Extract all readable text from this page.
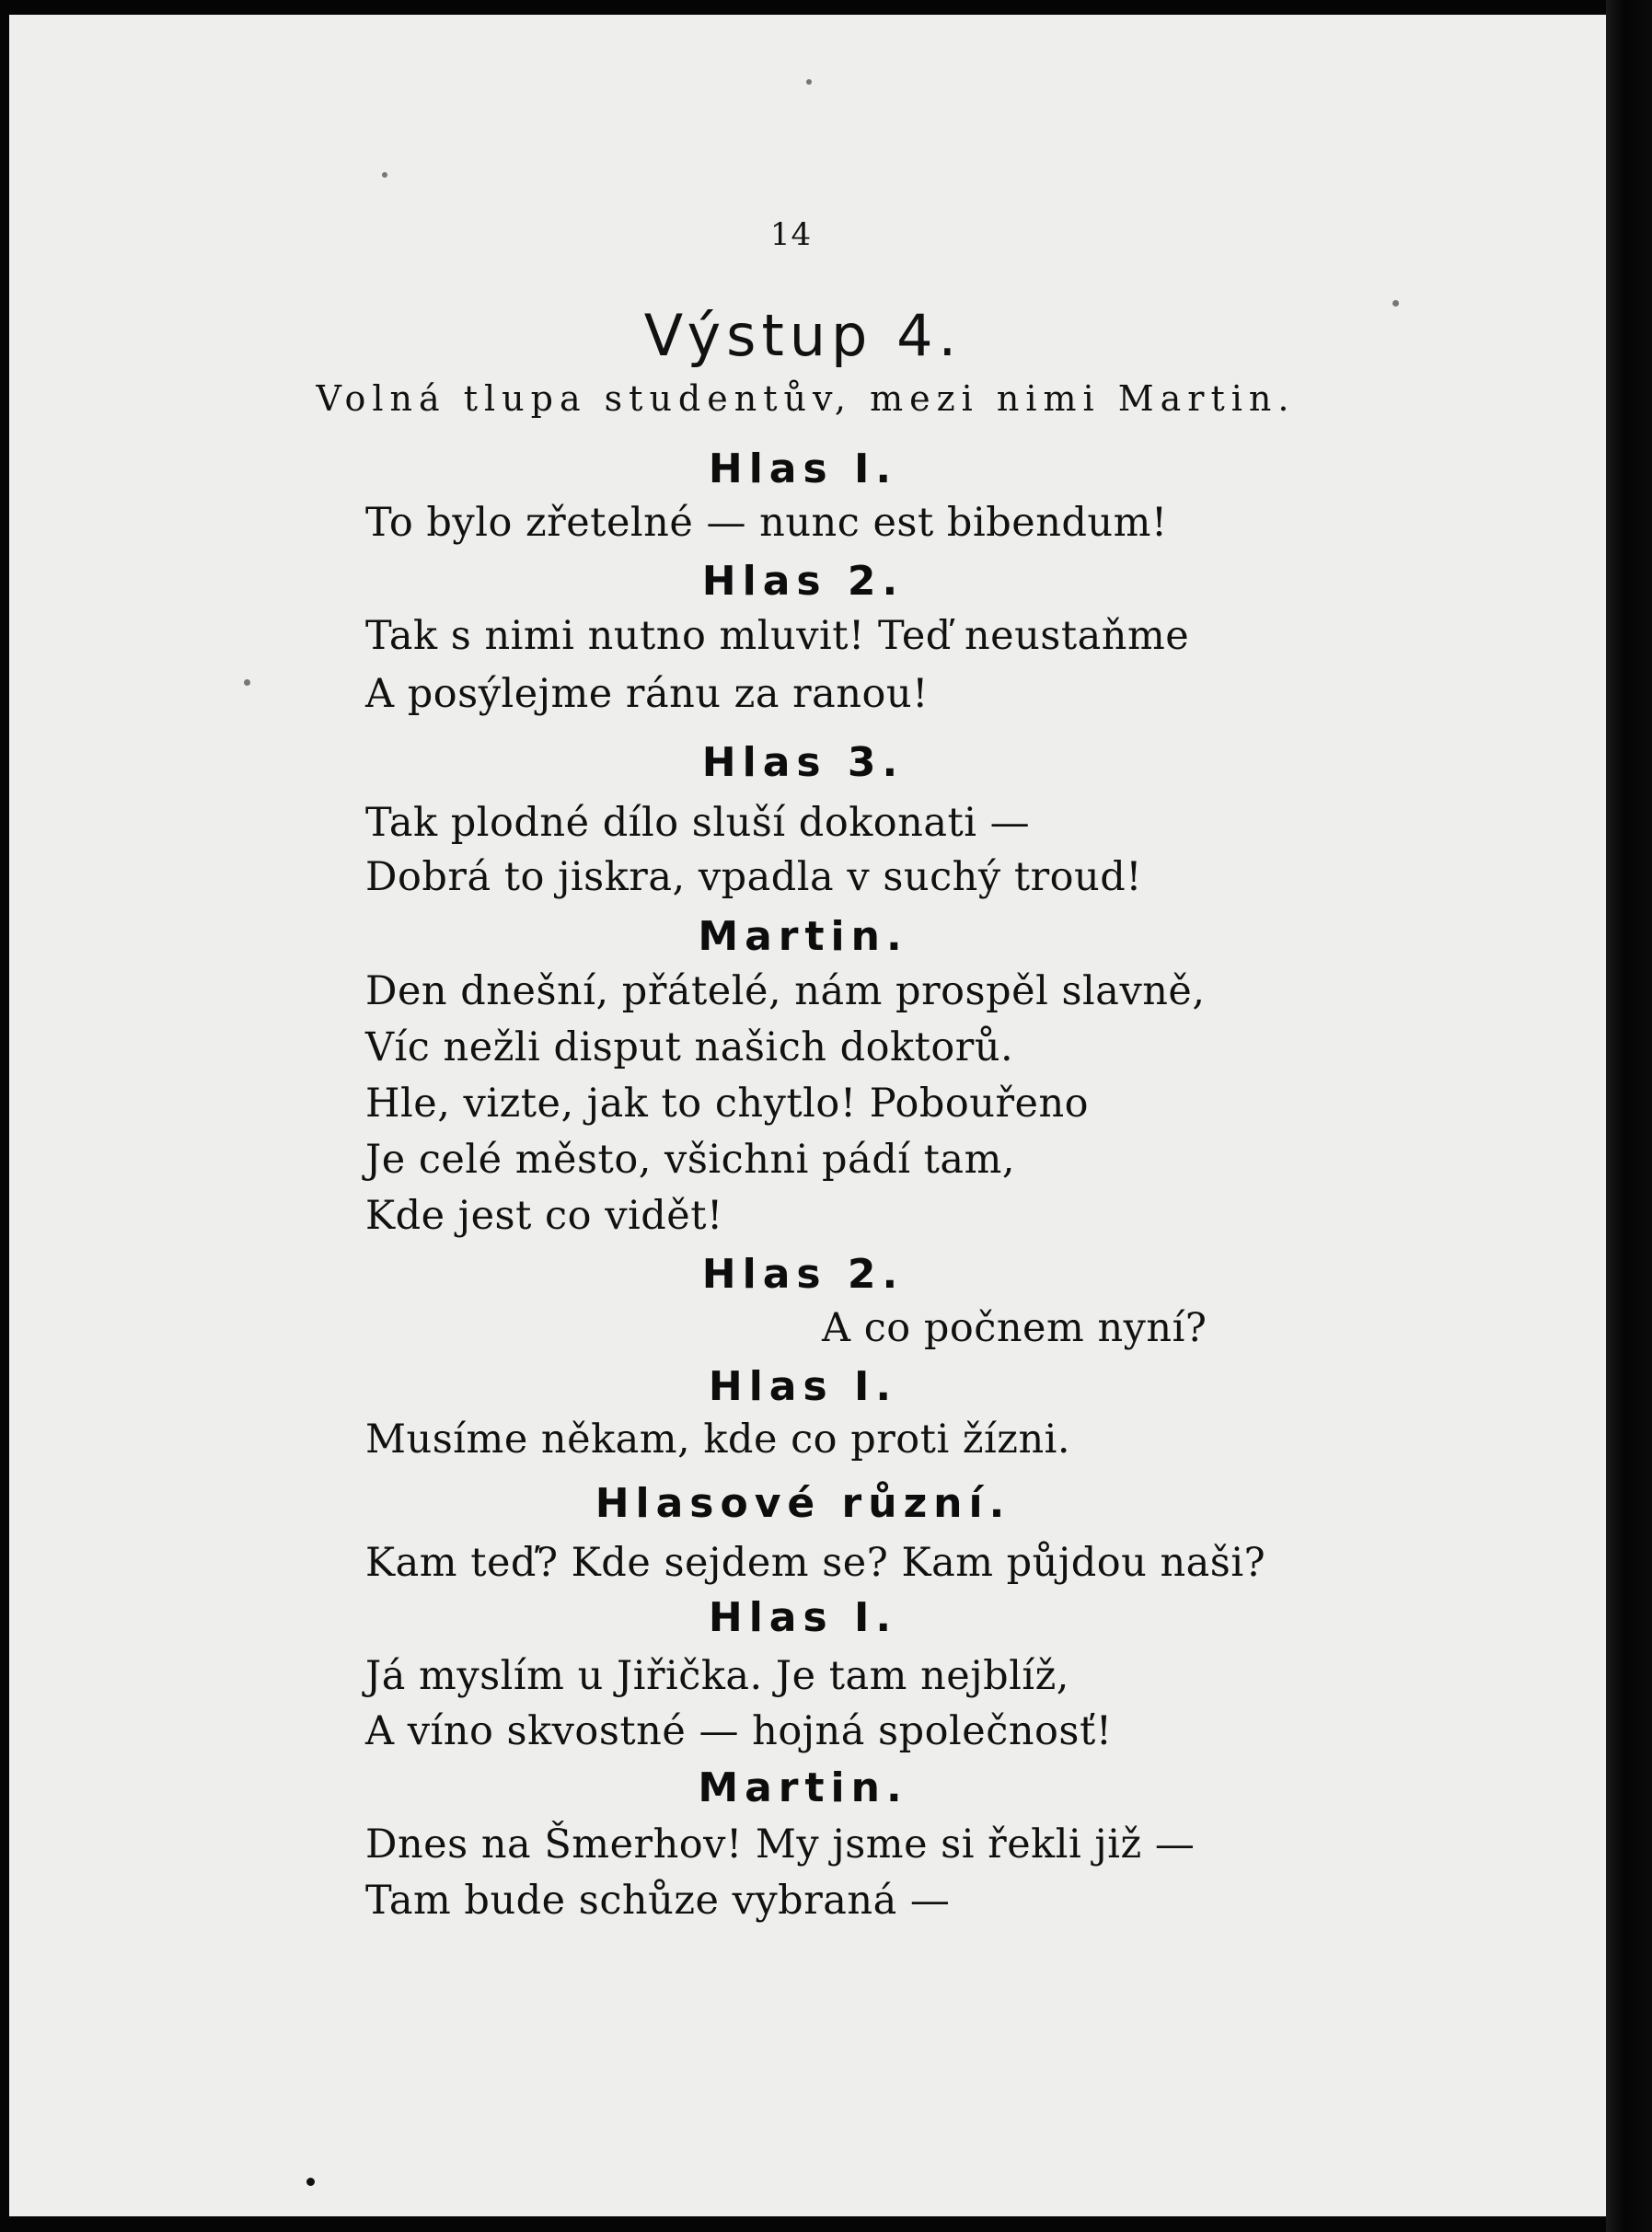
14
Výstup 4.
Volná tlupa studentův, mezi nimi Martin.
Hlas I.
To bylo zřetelné — nunc est bibendum!
Hlas 2.
Tak s nimi nutno mluvit! Teď neustaňme
A posýlejme ránu za ranou!
Hlas 3.
Tak plodné dílo sluší dokonati —
Dobrá to jiskra, vpadla v suchý troud!
Martin.
Den dnešní, přátelé, nám prospěl slavně,
Víc nežli disput našich doktorů.
Hle, vizte, jak to chytlo! Pobouřeno
Je celé město, všichni pádí tam,
Kde jest co vidět!
Hlas 2.
A co počnem nyní?
Hlas I.
Musíme někam, kde co proti žízni.
Hlasové různí.
Kam teď? Kde sejdem se? Kam půjdou naši?
Hlas I.
Já myslím u Jiřička. Je tam nejblíž,
A víno skvostné — hojná společnosť!
Martin.
Dnes na Šmerhov! My jsme si řekli již —
Tam bude schůze vybraná —
